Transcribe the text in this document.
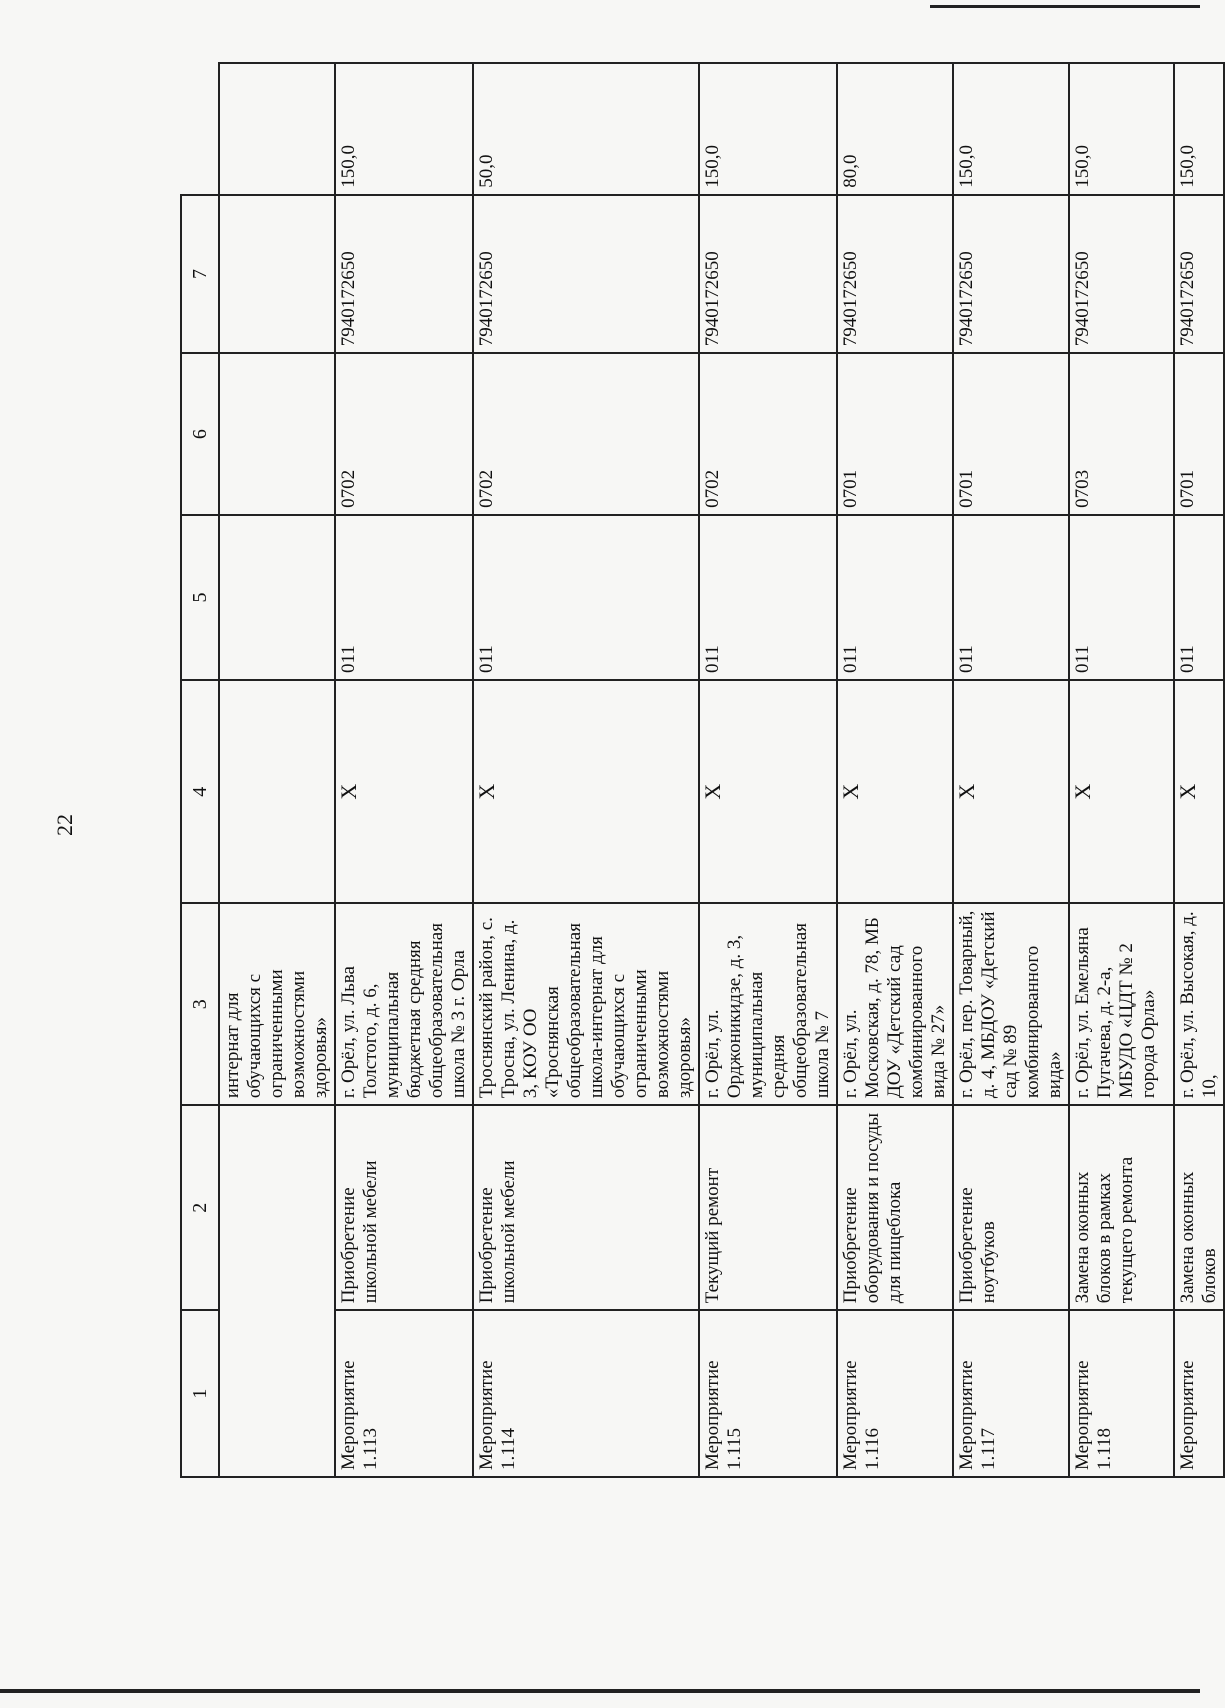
22
1	2	3	4	5	6	7	
		интернат для обучающихся с ограниченными возможностями здоровья»					
Мероприятие 1.113	Приобретение школьной мебели	г. Орёл, ул. Льва Толстого, д. 6, муниципальная бюджетная средняя общеобразовательная школа № 3 г. Орла	Х	011	0702	7940172650	150,0
Мероприятие 1.114	Приобретение школьной мебели	Троснянский район, с. Тросна, ул. Ленина, д. 3, КОУ ОО «Троснянская общеобразовательная школа-интернат для обучающихся с ограниченными возможностями здоровья»	Х	011	0702	7940172650	50,0
Мероприятие 1.115	Текущий ремонт	г. Орёл, ул. Орджоникидзе, д. 3, муниципальная средняя общеобразовательная школа № 7	Х	011	0702	7940172650	150,0
Мероприятие 1.116	Приобретение оборудования и посуды для пищеблока	г. Орёл, ул. Московская, д. 78, МБ ДОУ «Детский сад комбинированного вида № 27»	Х	011	0701	7940172650	80,0
Мероприятие 1.117	Приобретение ноутбуков	г. Орёл, пер. Товарный, д. 4, МБДОУ «Детский сад № 89 комбинированного вида»	Х	011	0701	7940172650	150,0
Мероприятие 1.118	Замена оконных блоков в рамках текущего ремонта	г. Орёл, ул. Емельяна Пугачева, д. 2-а, МБУДО «ЦДТ № 2 города Орла»	Х	011	0703	7940172650	150,0
Мероприятие	Замена оконных блоков	г. Орёл, ул. Высокая, д. 10,	Х	011	0701	7940172650	150,0
